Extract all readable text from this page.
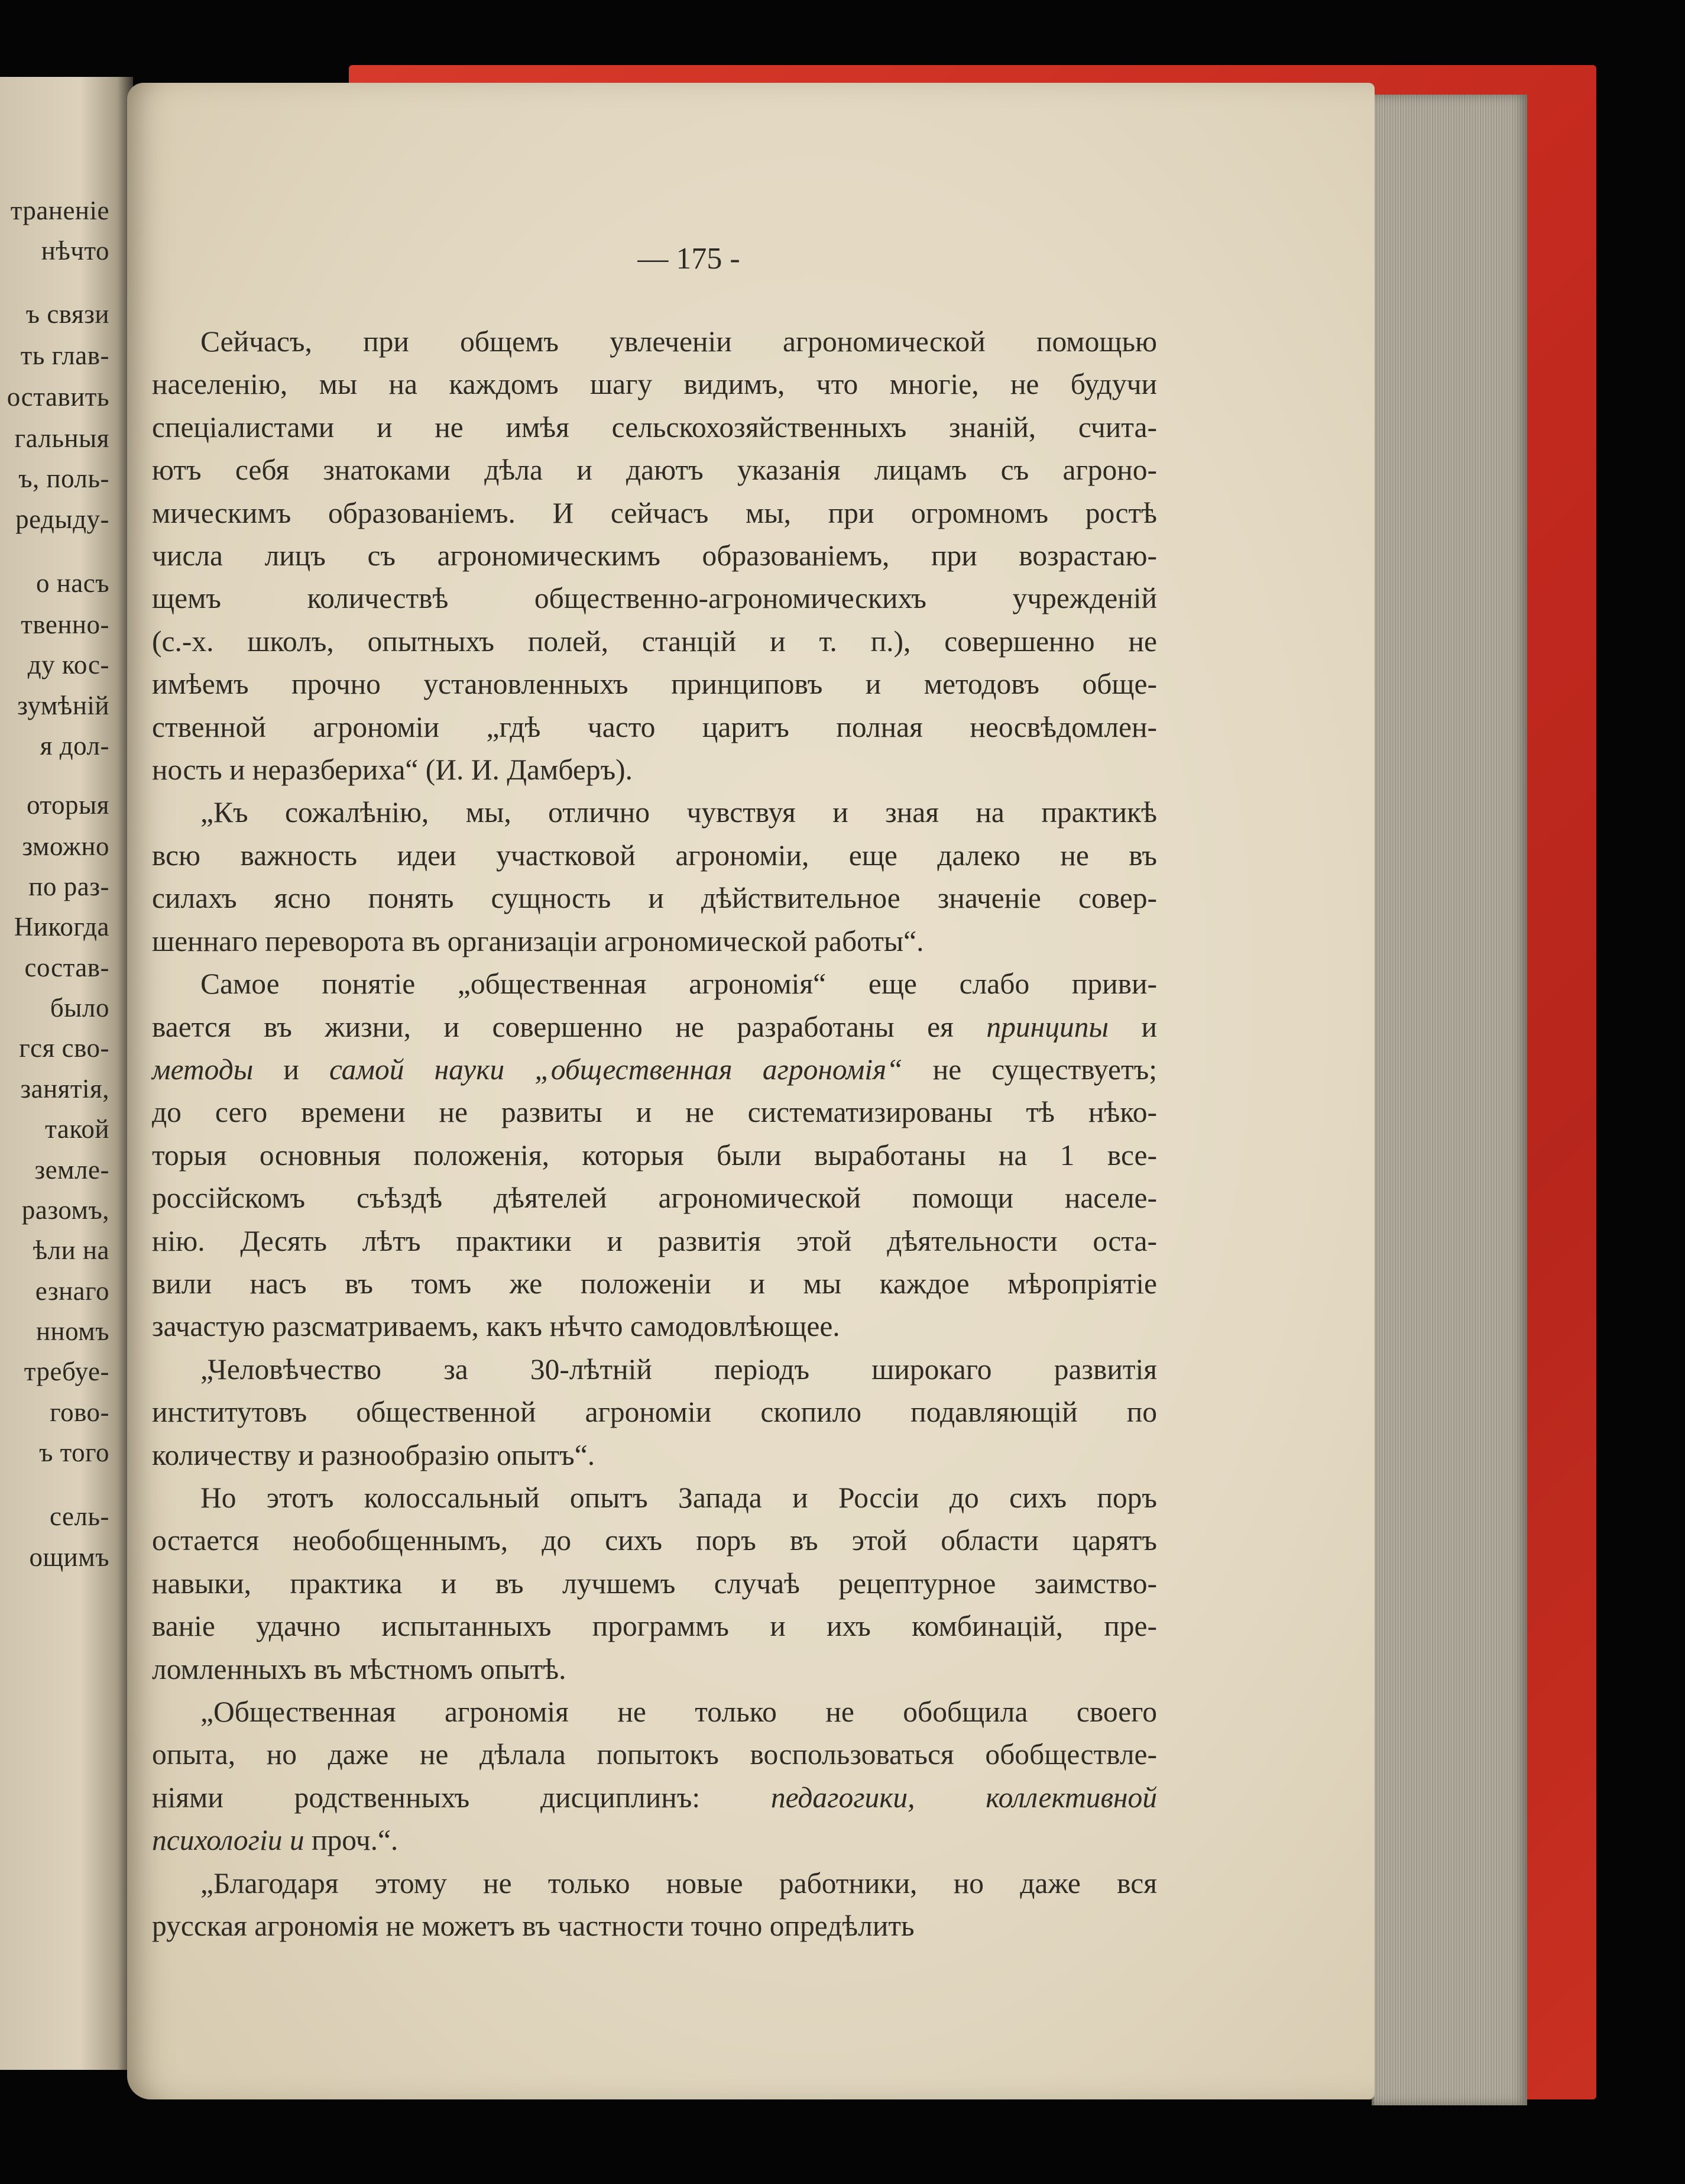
траненіе
нѣчто
ъ связи
ть глав-
оставить
гальныя
ъ, поль-
редыду-
о насъ
твенно-
ду кос-
зумѣній
я дол-
оторыя
зможно
по раз-
Никогда
состав-
было
гся сво-
занятія,
такой
земле-
разомъ,
ѣли на
езнаго
нномъ
требуе-
гово-
ъ того
сель-
ощимъ
— 175 -

Сейчасъ, при общемъ увлеченіи агрономической помощью
населенію, мы на каждомъ шагу видимъ, что многіе, не будучи
спеціалистами и не имѣя сельскохозяйственныхъ знаній, счита-
ютъ себя знатоками дѣла и даютъ указанія лицамъ съ агроно-
мическимъ образованіемъ. И сейчасъ мы, при огромномъ ростѣ
числа лицъ съ агрономическимъ образованіемъ, при возрастаю-
щемъ количествѣ общественно-агрономическихъ учрежденій
(с.-х. школъ, опытныхъ полей, станцій и т. п.), совершенно не
имѣемъ прочно установленныхъ принциповъ и методовъ обще-
ственной агрономіи „гдѣ часто царитъ полная неосвѣдомлен-
ность и неразбериха“ (И. И. Дамберъ).

„Къ сожалѣнію, мы, отлично чувствуя и зная на практикѣ
всю важность идеи участковой агрономіи, еще далеко не въ
силахъ ясно понять сущность и дѣйствительное значеніе совер-
шеннаго переворота въ организаціи агрономической работы“.

Самое понятіе „общественная агрономія“ еще слабо приви-
вается въ жизни, и совершенно не разработаны ея принципы и
методы и самой науки „общественная агрономія“ не существуетъ;
до сего времени не развиты и не систематизированы тѣ нѣко-
торыя основныя положенія, которыя были выработаны на 1 все-
россійскомъ съѣздѣ дѣятелей агрономической помощи населе-
нію. Десять лѣтъ практики и развитія этой дѣятельности оста-
вили насъ въ томъ же положеніи и мы каждое мѣропріятіе
зачастую разсматриваемъ, какъ нѣчто самодовлѣющее.

„Человѣчество за 30-лѣтній періодъ широкаго развитія
институтовъ общественной агрономіи скопило подавляющій по
количеству и разнообразію опытъ“.

Но этотъ колоссальный опытъ Запада и Россіи до сихъ поръ
остается необобщеннымъ, до сихъ поръ въ этой области царятъ
навыки, практика и въ лучшемъ случаѣ рецептурное заимство-
ваніе удачно испытанныхъ программъ и ихъ комбинацій, пре-
ломленныхъ въ мѣстномъ опытѣ.

„Общественная агрономія не только не обобщила своего
опыта, но даже не дѣлала попытокъ воспользоваться обобществле-
ніями родственныхъ дисциплинъ: педагогики, коллективной
психологіи и проч.“.

„Благодаря этому не только новые работники, но даже вся
русская агрономія не можетъ въ частности точно опредѣлить
